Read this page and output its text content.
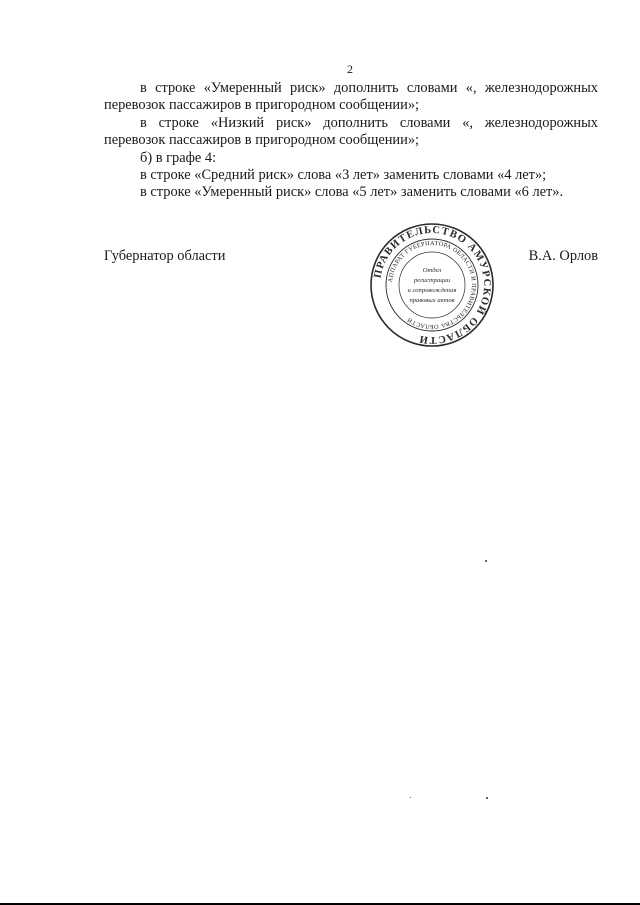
2

в строке «Умеренный риск» дополнить словами «, железнодорожных перевозок пассажиров в пригородном сообщении»;

в строке «Низкий риск» дополнить словами «, железнодорожных перевозок пассажиров в пригородном сообщении»;

б) в графе 4:

в строке «Средний риск» слова «3 лет» заменить словами «4 лет»;

в строке «Умеренный риск» слова «5 лет» заменить словами «6 лет».

Губернатор области	В.А. Орлов
ПРАВИТЕЛЬСТВО АМУРСКОЙ ОБЛАСТИ
АППАРАТ ГУБЕРНАТОРА ОБЛАСТИ И ПРАВИТЕЛЬСТВА ОБЛАСТИ
Отдел
регистрации
и сопровождения
правовых актов
